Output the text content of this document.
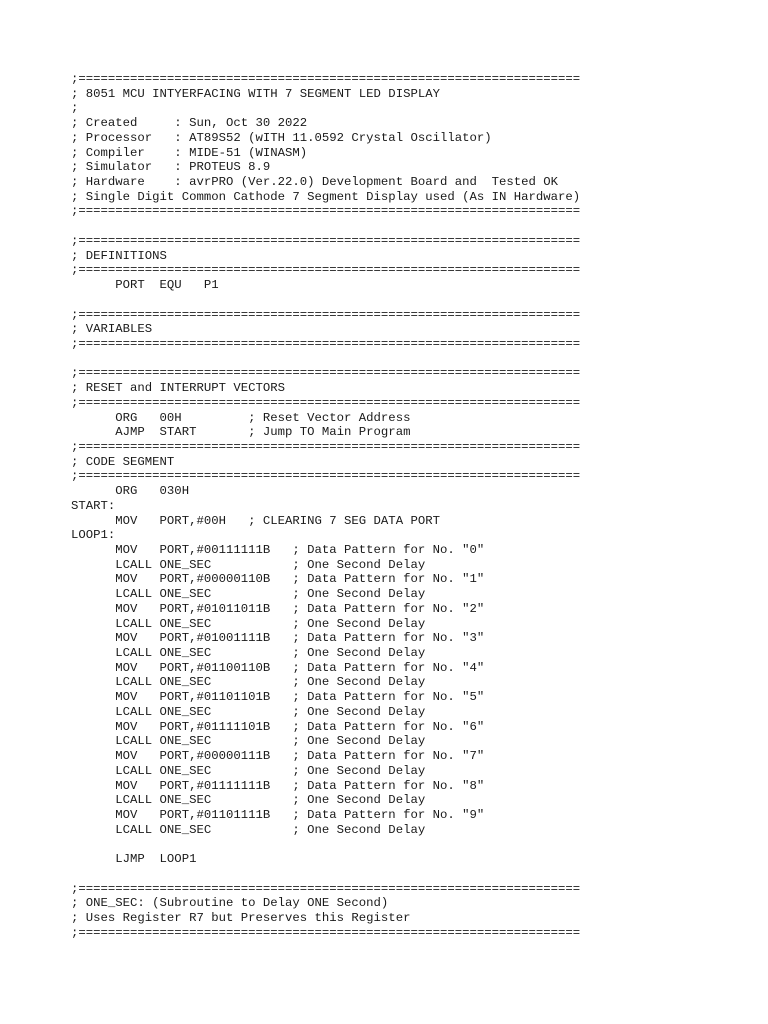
;====================================================================
; 8051 MCU INTYERFACING WITH 7 SEGMENT LED DISPLAY
;
; Created     : Sun, Oct 30 2022
; Processor   : AT89S52 (wITH 11.0592 Crystal Oscillator)
; Compiler    : MIDE-51 (WINASM)
; Simulator   : PROTEUS 8.9
; Hardware    : avrPRO (Ver.22.0) Development Board and  Tested OK
; Single Digit Common Cathode 7 Segment Display used (As IN Hardware)
;====================================================================
;====================================================================
; DEFINITIONS
;====================================================================
PORT  EQU   P1
;====================================================================
; VARIABLES
;====================================================================
;====================================================================
; RESET and INTERRUPT VECTORS
;====================================================================
ORG   00H         ; Reset Vector Address
AJMP  START       ; Jump TO Main Program
;====================================================================
; CODE SEGMENT
;====================================================================
ORG   030H
START:
MOV   PORT,#00H   ; CLEARING 7 SEG DATA PORT
LOOP1:
MOV   PORT,#00111111B   ; Data Pattern for No. "0"
LCALL ONE_SEC           ; One Second Delay
MOV   PORT,#00000110B   ; Data Pattern for No. "1"
LCALL ONE_SEC           ; One Second Delay
MOV   PORT,#01011011B   ; Data Pattern for No. "2"
LCALL ONE_SEC           ; One Second Delay
MOV   PORT,#01001111B   ; Data Pattern for No. "3"
LCALL ONE_SEC           ; One Second Delay
MOV   PORT,#01100110B   ; Data Pattern for No. "4"
LCALL ONE_SEC           ; One Second Delay
MOV   PORT,#01101101B   ; Data Pattern for No. "5"
LCALL ONE_SEC           ; One Second Delay
MOV   PORT,#01111101B   ; Data Pattern for No. "6"
LCALL ONE_SEC           ; One Second Delay
MOV   PORT,#00000111B   ; Data Pattern for No. "7"
LCALL ONE_SEC           ; One Second Delay
MOV   PORT,#01111111B   ; Data Pattern for No. "8"
LCALL ONE_SEC           ; One Second Delay
MOV   PORT,#01101111B   ; Data Pattern for No. "9"
LCALL ONE_SEC           ; One Second Delay
LJMP  LOOP1
;====================================================================
; ONE_SEC: (Subroutine to Delay ONE Second)
; Uses Register R7 but Preserves this Register
;====================================================================
